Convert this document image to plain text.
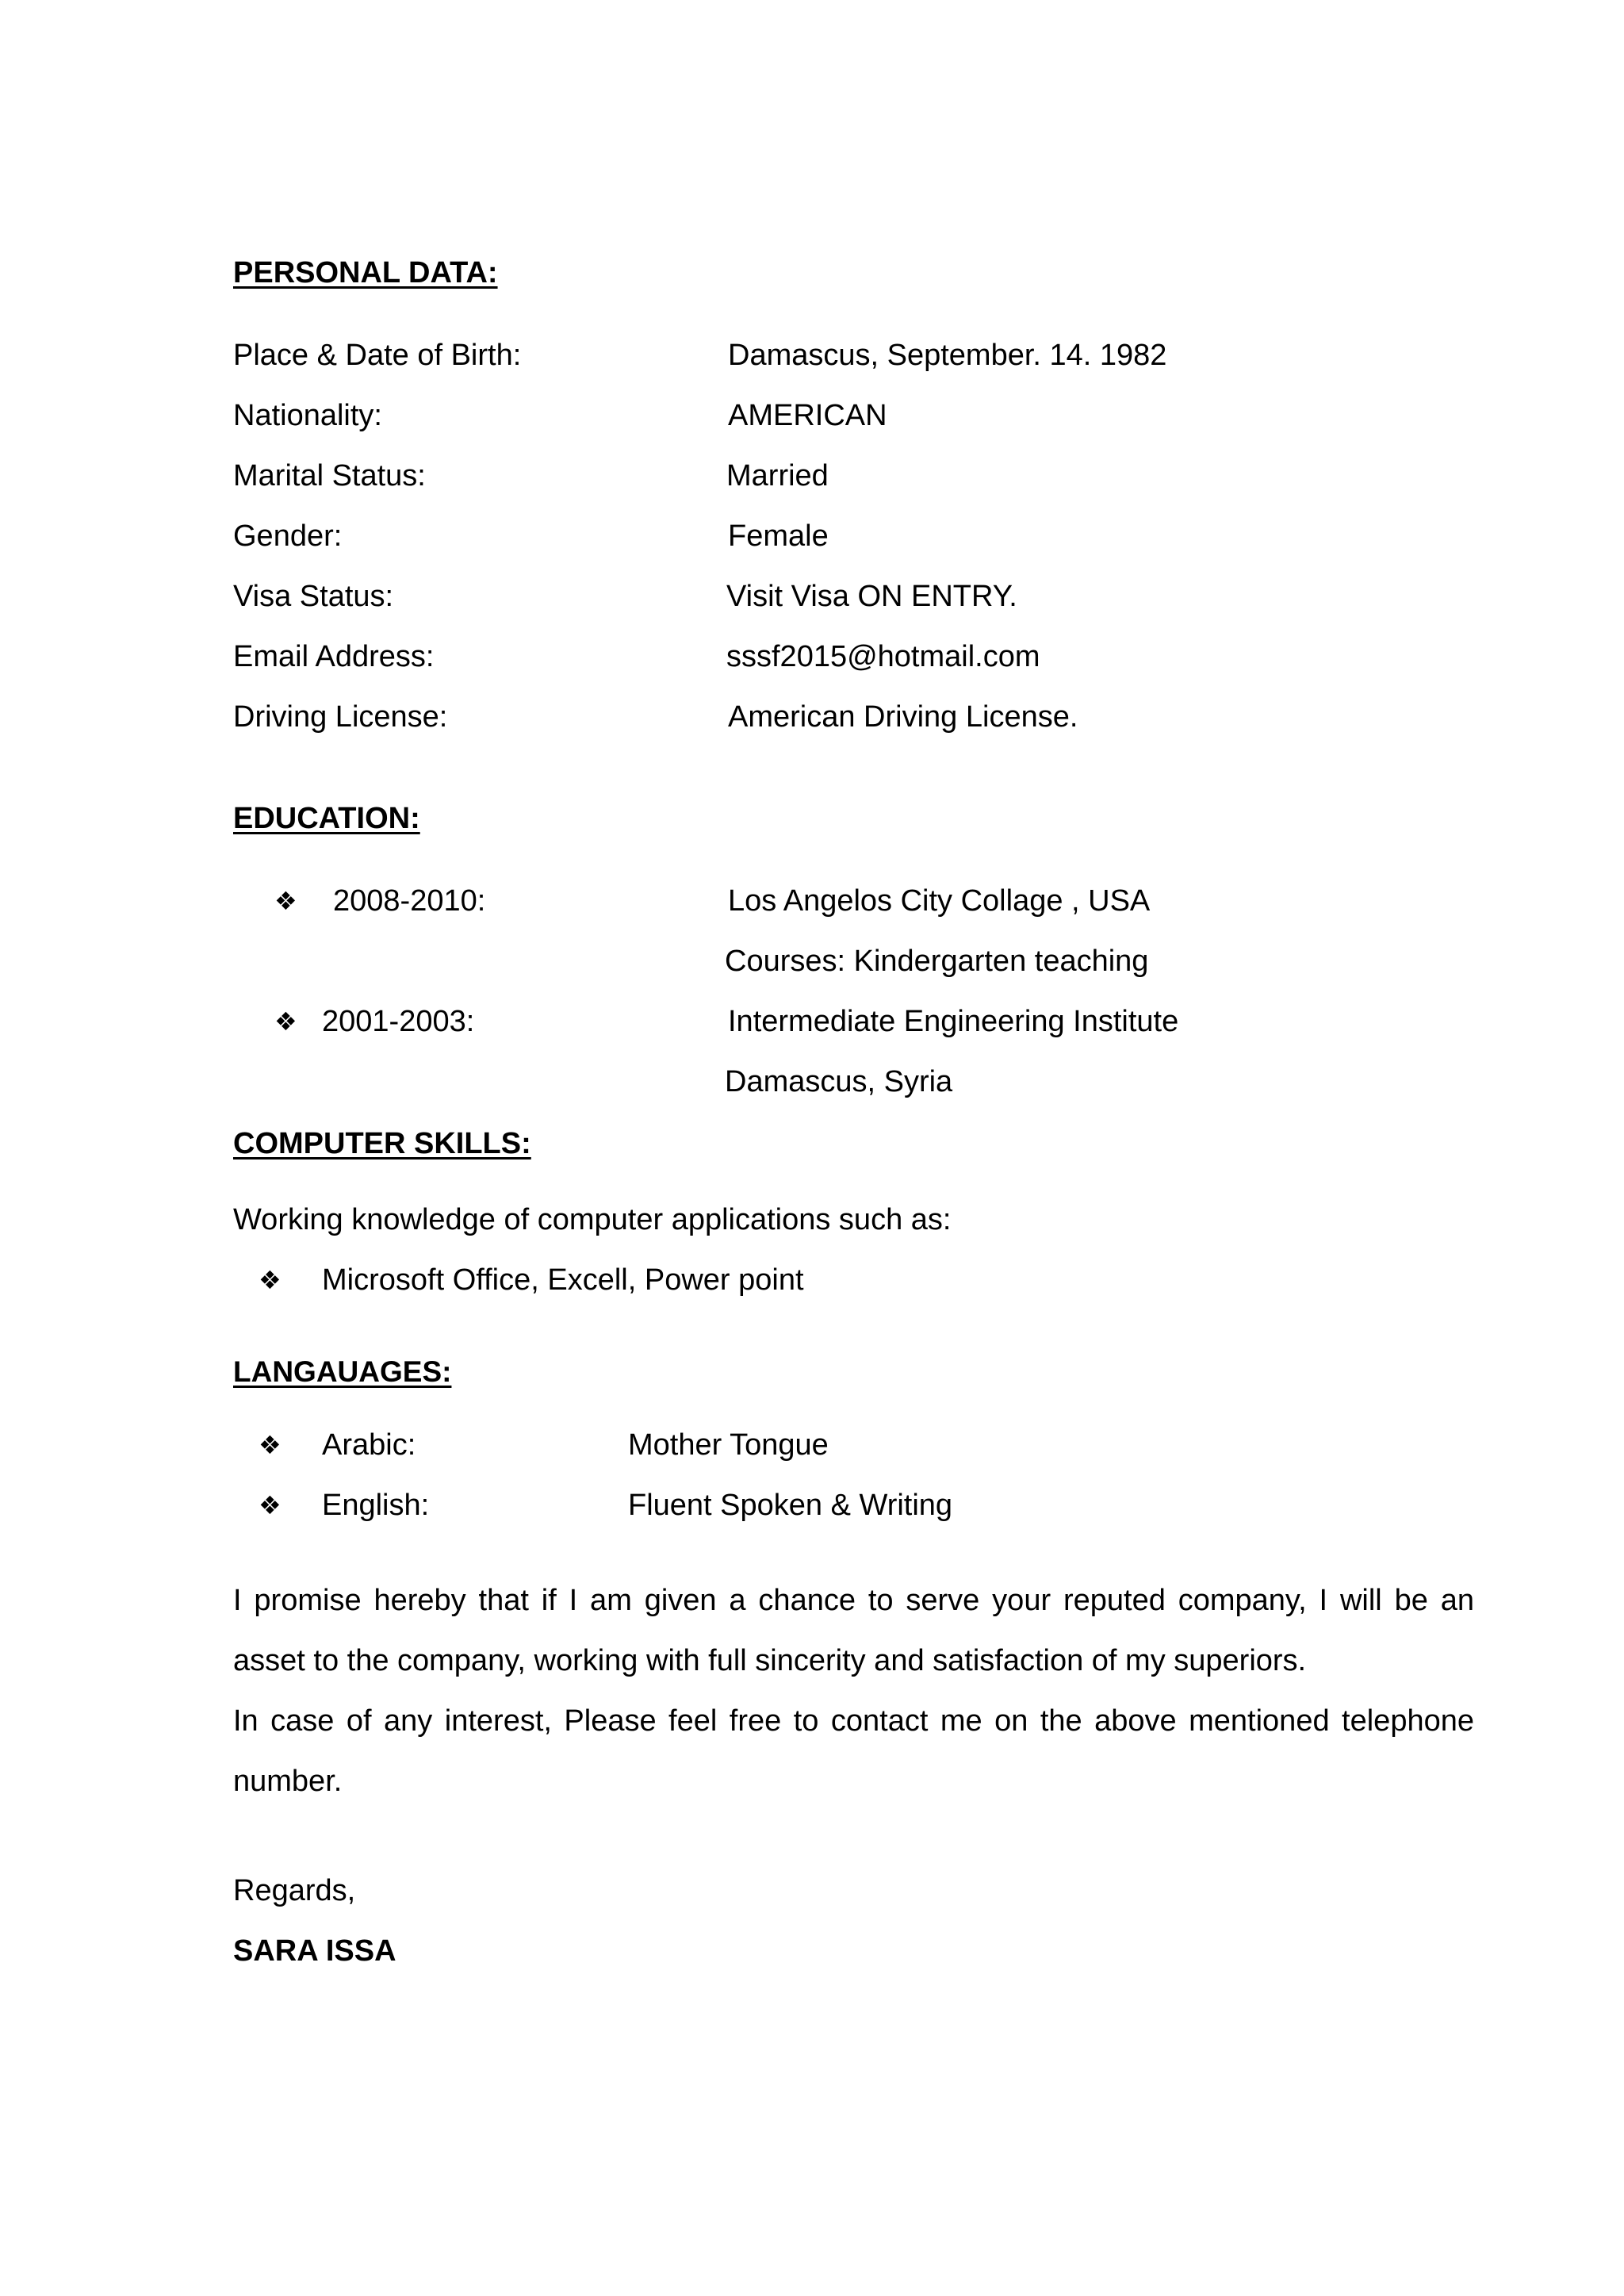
PERSONAL DATA:
Place & Date of Birth:	Damascus, September. 14. 1982
Nationality:	AMERICAN
Marital Status:	Married
Gender:	Female
Visa Status:	Visit Visa ON ENTRY.
Email Address:	sssf2015@hotmail.com
Driving License:	American Driving License.
EDUCATION:
❖ 2008-2010:	Los Angelos City Collage , USA
Courses: Kindergarten teaching
❖ 2001-2003:	Intermediate Engineering Institute
Damascus, Syria
COMPUTER SKILLS:
Working knowledge of computer applications such as:
❖ Microsoft Office, Excell, Power point
LANGAUAGES:
❖ Arabic:	Mother Tongue
❖ English:	Fluent Spoken & Writing
I promise hereby that if I am given a chance to serve your reputed company, I will be an
asset to the company, working with full sincerity and satisfaction of my superiors.
In case of any interest, Please feel free to contact me on the above mentioned telephone
number.
Regards,
SARA ISSA
